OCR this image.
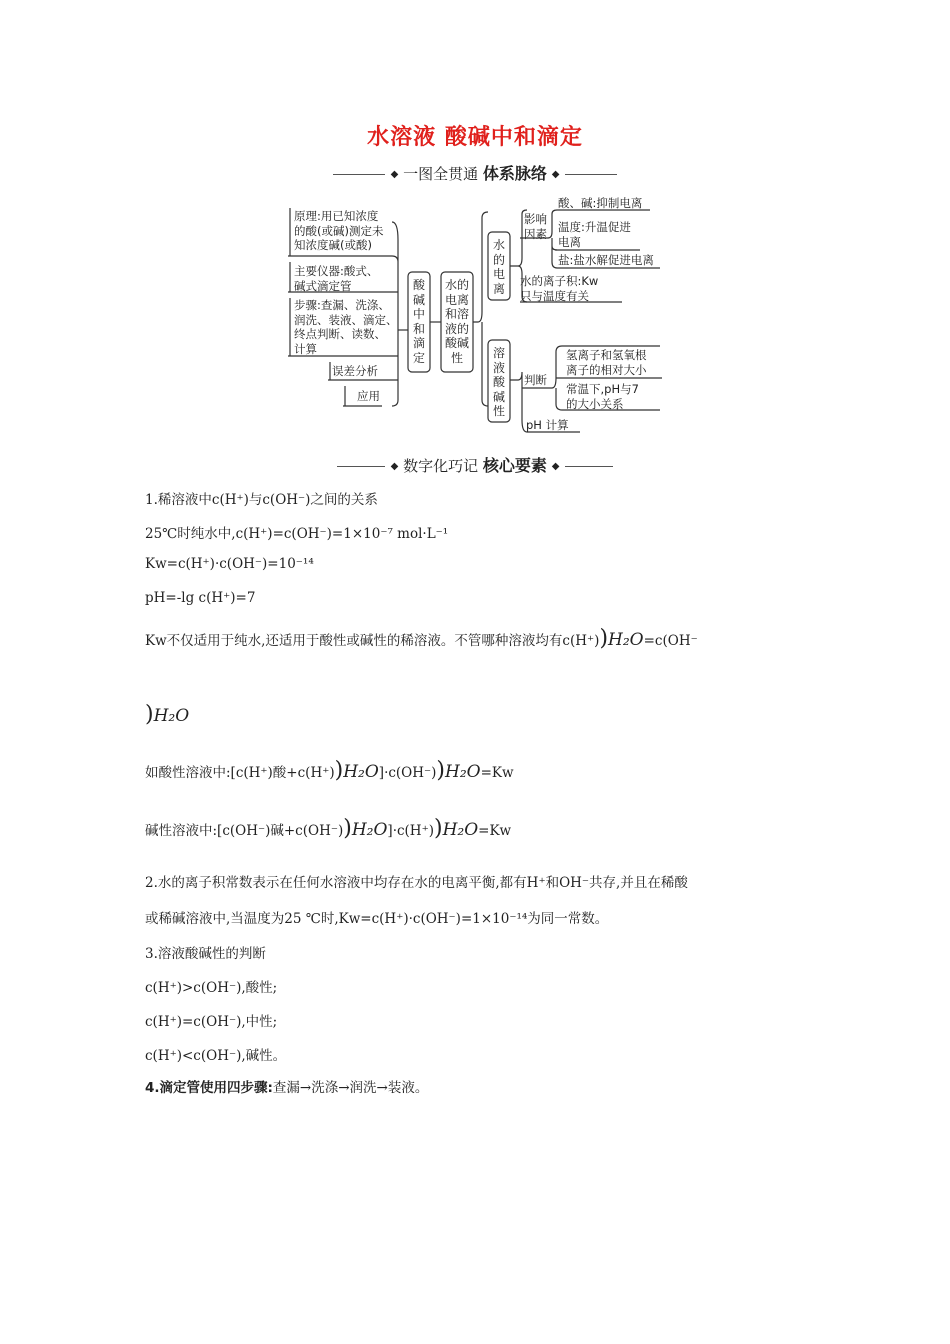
水溶液 酸碱中和滴定
◆ 一图全贯通 体系脉络 ◆
原理:用已知浓度
的酸(或碱)测定未
知浓度碱(或酸)
主要仪器:酸式、
碱式滴定管
步骤:查漏、洗涤、
润洗、装液、滴定、
终点判断、读数、
计算
误差分析
应用
酸
碱
中
和
滴
定
水的
电离
和溶
液的
酸碱
性
水
的
电
离
溶
液
酸
碱
性
影响
因素
酸、碱:抑制电离
温度:升温促进
电离
盐:盐水解促进电离
水的离子积:Kw
只与温度有关
判断
氢离子和氢氧根
离子的相对大小
常温下,pH与7
的大小关系
pH 计算
◆ 数字化巧记 核心要素 ◆
1.稀溶液中c(H⁺)与c(OH⁻)之间的关系
25℃时纯水中,c(H⁺)=c(OH⁻)=1×10⁻⁷ mol·L⁻¹
Kw=c(H⁺)·c(OH⁻)=10⁻¹⁴
pH=-lg c(H⁺)=7
Kw不仅适用于纯水,还适用于酸性或碱性的稀溶液。不管哪种溶液均有c(H⁺))H₂O=c(OH⁻
)H₂O
如酸性溶液中:[c(H⁺)酸+c(H⁺))H₂O]·c(OH⁻))H₂O=Kw
碱性溶液中:[c(OH⁻)碱+c(OH⁻))H₂O]·c(H⁺))H₂O=Kw
2.水的离子积常数表示在任何水溶液中均存在水的电离平衡,都有H⁺和OH⁻共存,并且在稀酸
或稀碱溶液中,当温度为25 ℃时,Kw=c(H⁺)·c(OH⁻)=1×10⁻¹⁴为同一常数。
3.溶液酸碱性的判断
c(H⁺)>c(OH⁻),酸性;
c(H⁺)=c(OH⁻),中性;
c(H⁺)<c(OH⁻),碱性。
4.滴定管使用四步骤:查漏→洗涤→润洗→装液。
